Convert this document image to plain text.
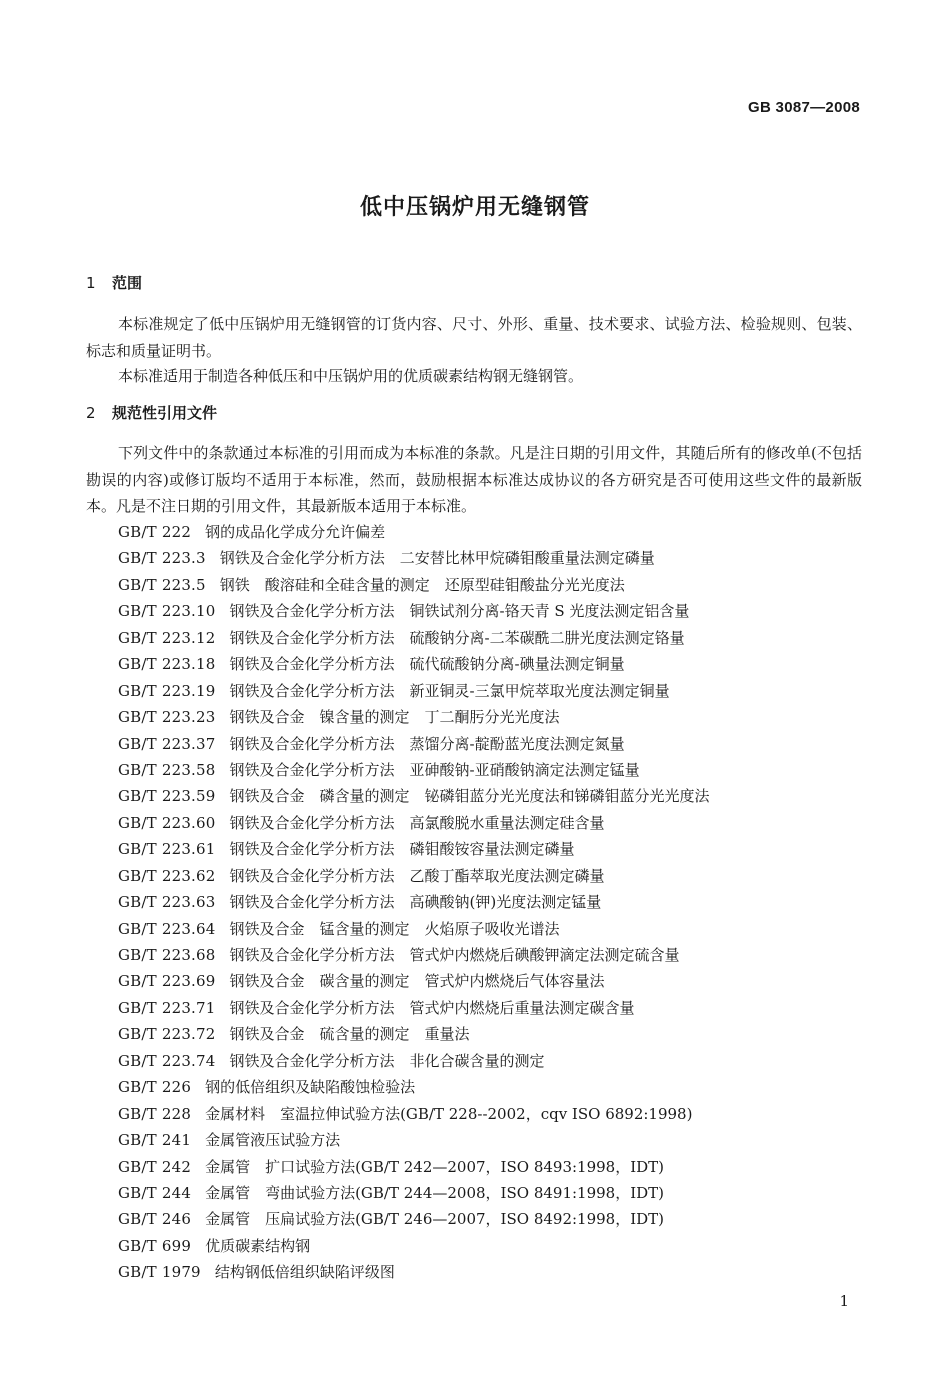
GB 3087—2008
低中压锅炉用无缝钢管
1 范围
本标准规定了低中压锅炉用无缝钢管的订货内容、尺寸、外形、重量、技术要求、试验方法、检验规则、包装、标志和质量证明书。
本标准适用于制造各种低压和中压锅炉用的优质碳素结构钢无缝钢管。
2 规范性引用文件
下列文件中的条款通过本标准的引用而成为本标准的条款。凡是注日期的引用文件，其随后所有的修改单(不包括勘误的内容)或修订版均不适用于本标准，然而，鼓励根据本标准达成协议的各方研究是否可使用这些文件的最新版本。凡是不注日期的引用文件，其最新版本适用于本标准。
GB/T 222 钢的成品化学成分允许偏差
GB/T 223.3 钢铁及合金化学分析方法　二安替比林甲烷磷钼酸重量法测定磷量
GB/T 223.5 钢铁　酸溶硅和全硅含量的测定　还原型硅钼酸盐分光光度法
GB/T 223.10 钢铁及合金化学分析方法　铜铁试剂分离-铬天青 S 光度法测定铝含量
GB/T 223.12 钢铁及合金化学分析方法　硫酸钠分离-二苯碳酰二肼光度法测定铬量
GB/T 223.18 钢铁及合金化学分析方法　硫代硫酸钠分离-碘量法测定铜量
GB/T 223.19 钢铁及合金化学分析方法　新亚铜灵-三氯甲烷萃取光度法测定铜量
GB/T 223.23 钢铁及合金　镍含量的测定　丁二酮肟分光光度法
GB/T 223.37 钢铁及合金化学分析方法　蒸馏分离-靛酚蓝光度法测定氮量
GB/T 223.58 钢铁及合金化学分析方法　亚砷酸钠-亚硝酸钠滴定法测定锰量
GB/T 223.59 钢铁及合金　磷含量的测定　铋磷钼蓝分光光度法和锑磷钼蓝分光光度法
GB/T 223.60 钢铁及合金化学分析方法　高氯酸脱水重量法测定硅含量
GB/T 223.61 钢铁及合金化学分析方法　磷钼酸铵容量法测定磷量
GB/T 223.62 钢铁及合金化学分析方法　乙酸丁酯萃取光度法测定磷量
GB/T 223.63 钢铁及合金化学分析方法　高碘酸钠(钾)光度法测定锰量
GB/T 223.64 钢铁及合金　锰含量的测定　火焰原子吸收光谱法
GB/T 223.68 钢铁及合金化学分析方法　管式炉内燃烧后碘酸钾滴定法测定硫含量
GB/T 223.69 钢铁及合金　碳含量的测定　管式炉内燃烧后气体容量法
GB/T 223.71 钢铁及合金化学分析方法　管式炉内燃烧后重量法测定碳含量
GB/T 223.72 钢铁及合金　硫含量的测定　重量法
GB/T 223.74 钢铁及合金化学分析方法　非化合碳含量的测定
GB/T 226 钢的低倍组织及缺陷酸蚀检验法
GB/T 228 金属材料　室温拉伸试验方法(GB/T 228--2002，cqv ISO 6892:1998)
GB/T 241 金属管液压试验方法
GB/T 242 金属管　扩口试验方法(GB/T 242—2007，ISO 8493:1998，IDT)
GB/T 244 金属管　弯曲试验方法(GB/T 244—2008，ISO 8491:1998，IDT)
GB/T 246 金属管　压扁试验方法(GB/T 246—2007，ISO 8492:1998，IDT)
GB/T 699 优质碳素结构钢
GB/T 1979 结构钢低倍组织缺陷评级图
1
